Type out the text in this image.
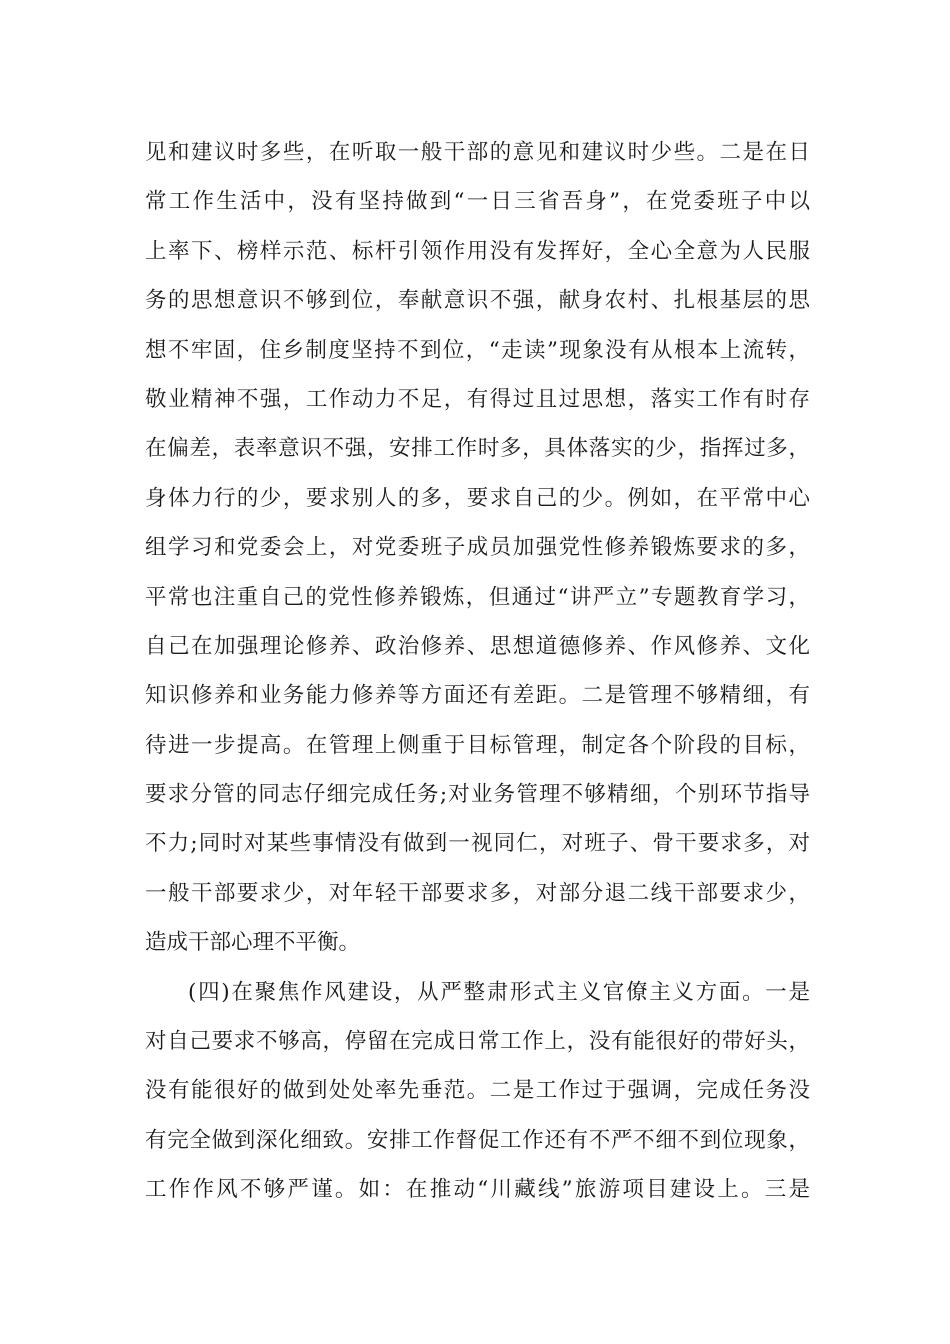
见和建议时多些，在听取一般干部的意见和建议时少些。二是在日
常工作生活中，没有坚持做到“一日三省吾身”，在党委班子中以
上率下、榜样示范、标杆引领作用没有发挥好，全心全意为人民服
务的思想意识不够到位，奉献意识不强，献身农村、扎根基层的思
想不牢固，住乡制度坚持不到位，“走读”现象没有从根本上流转，
敬业精神不强，工作动力不足，有得过且过思想，落实工作有时存
在偏差，表率意识不强，安排工作时多，具体落实的少，指挥过多，
身体力行的少，要求别人的多，要求自己的少。例如，在平常中心
组学习和党委会上，对党委班子成员加强党性修养锻炼要求的多，
平常也注重自己的党性修养锻炼，但通过“讲严立”专题教育学习，
自己在加强理论修养、政治修养、思想道德修养、作风修养、文化
知识修养和业务能力修养等方面还有差距。二是管理不够精细，有
待进一步提高。在管理上侧重于目标管理，制定各个阶段的目标，
要求分管的同志仔细完成任务;对业务管理不够精细，个别环节指导
不力;同时对某些事情没有做到一视同仁，对班子、骨干要求多，对
一般干部要求少，对年轻干部要求多，对部分退二线干部要求少，
造成干部心理不平衡。
(四)在聚焦作风建设，从严整肃形式主义官僚主义方面。一是
对自己要求不够高，停留在完成日常工作上，没有能很好的带好头，
没有能很好的做到处处率先垂范。二是工作过于强调，完成任务没
有完全做到深化细致。安排工作督促工作还有不严不细不到位现象，
工作作风不够严谨。如：在推动“川藏线”旅游项目建设上。三是
